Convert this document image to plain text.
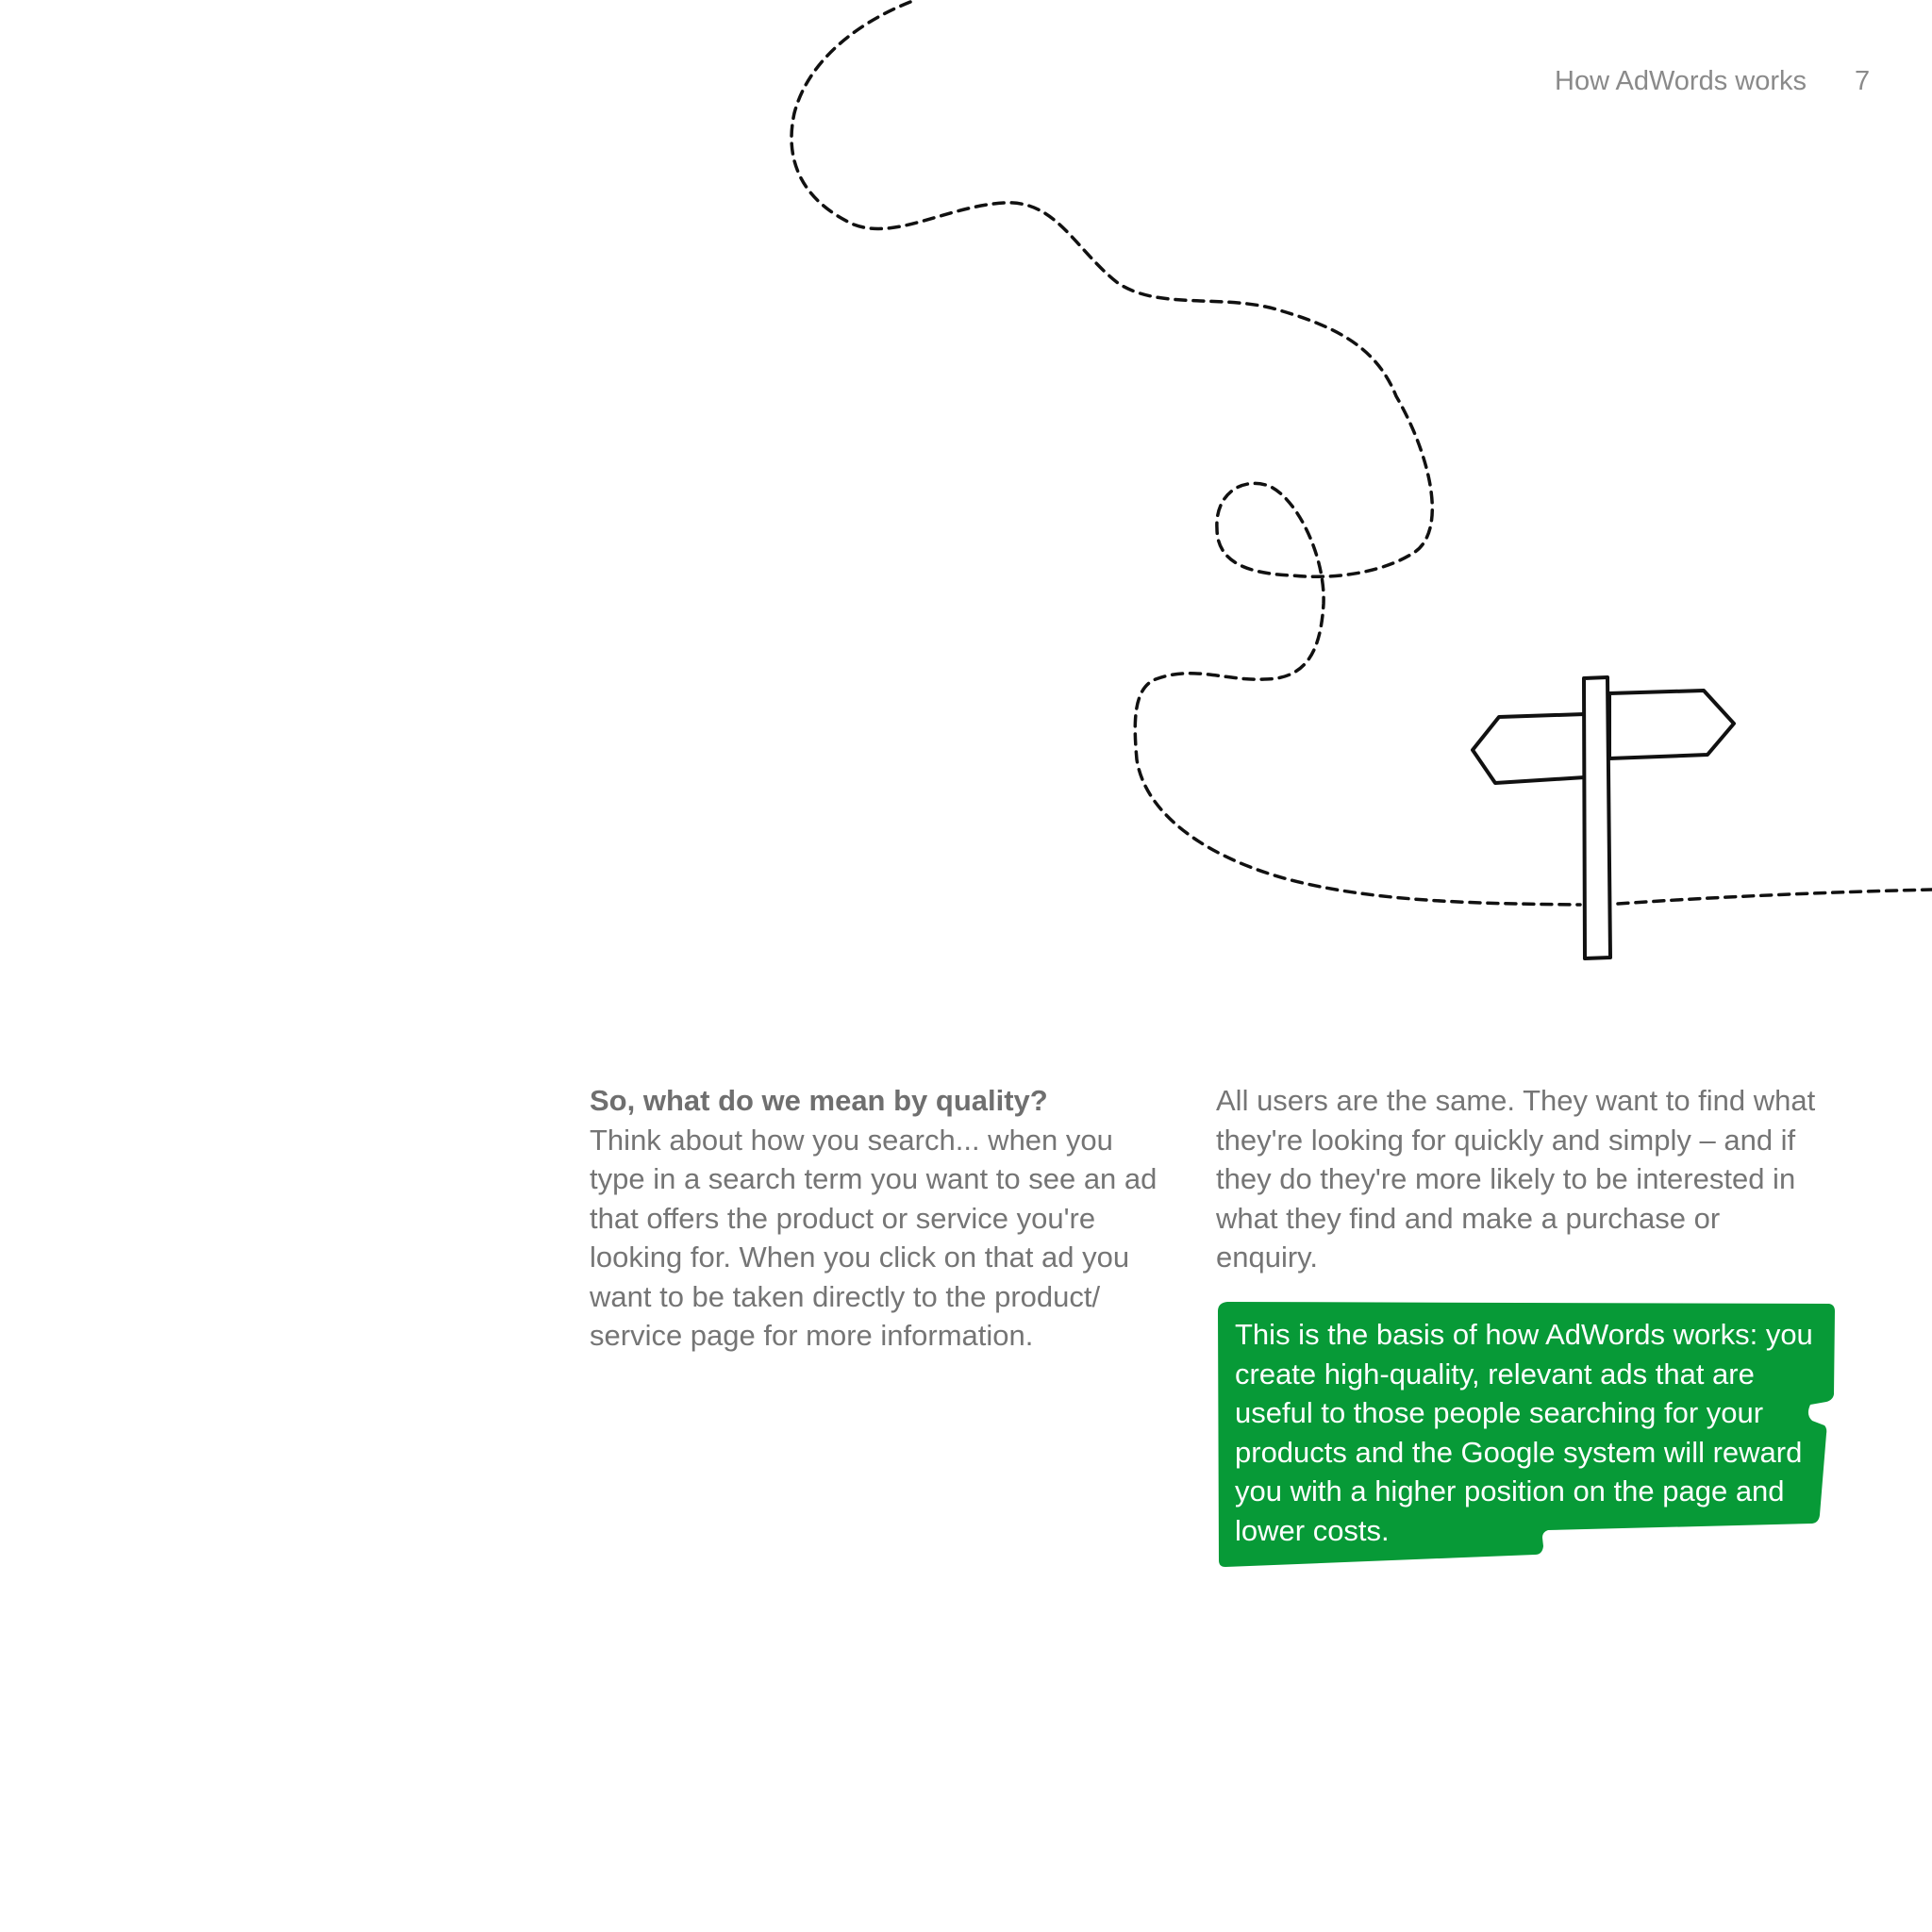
How AdWords works 7

So, what do we mean by quality?

Think about how you search... when you type in a search term you want to see an ad that offers the product or service you're looking for. When you click on that ad you want to be taken directly to the product/ service page for more information.

All users are the same. They want to find what they're looking for quickly and simply – and if they do they're more likely to be interested in what they find and make a purchase or enquiry.

This is the basis of how AdWords works: you create high-quality, relevant ads that are useful to those people searching for your products and the Google system will reward you with a higher position on the page and lower costs.
